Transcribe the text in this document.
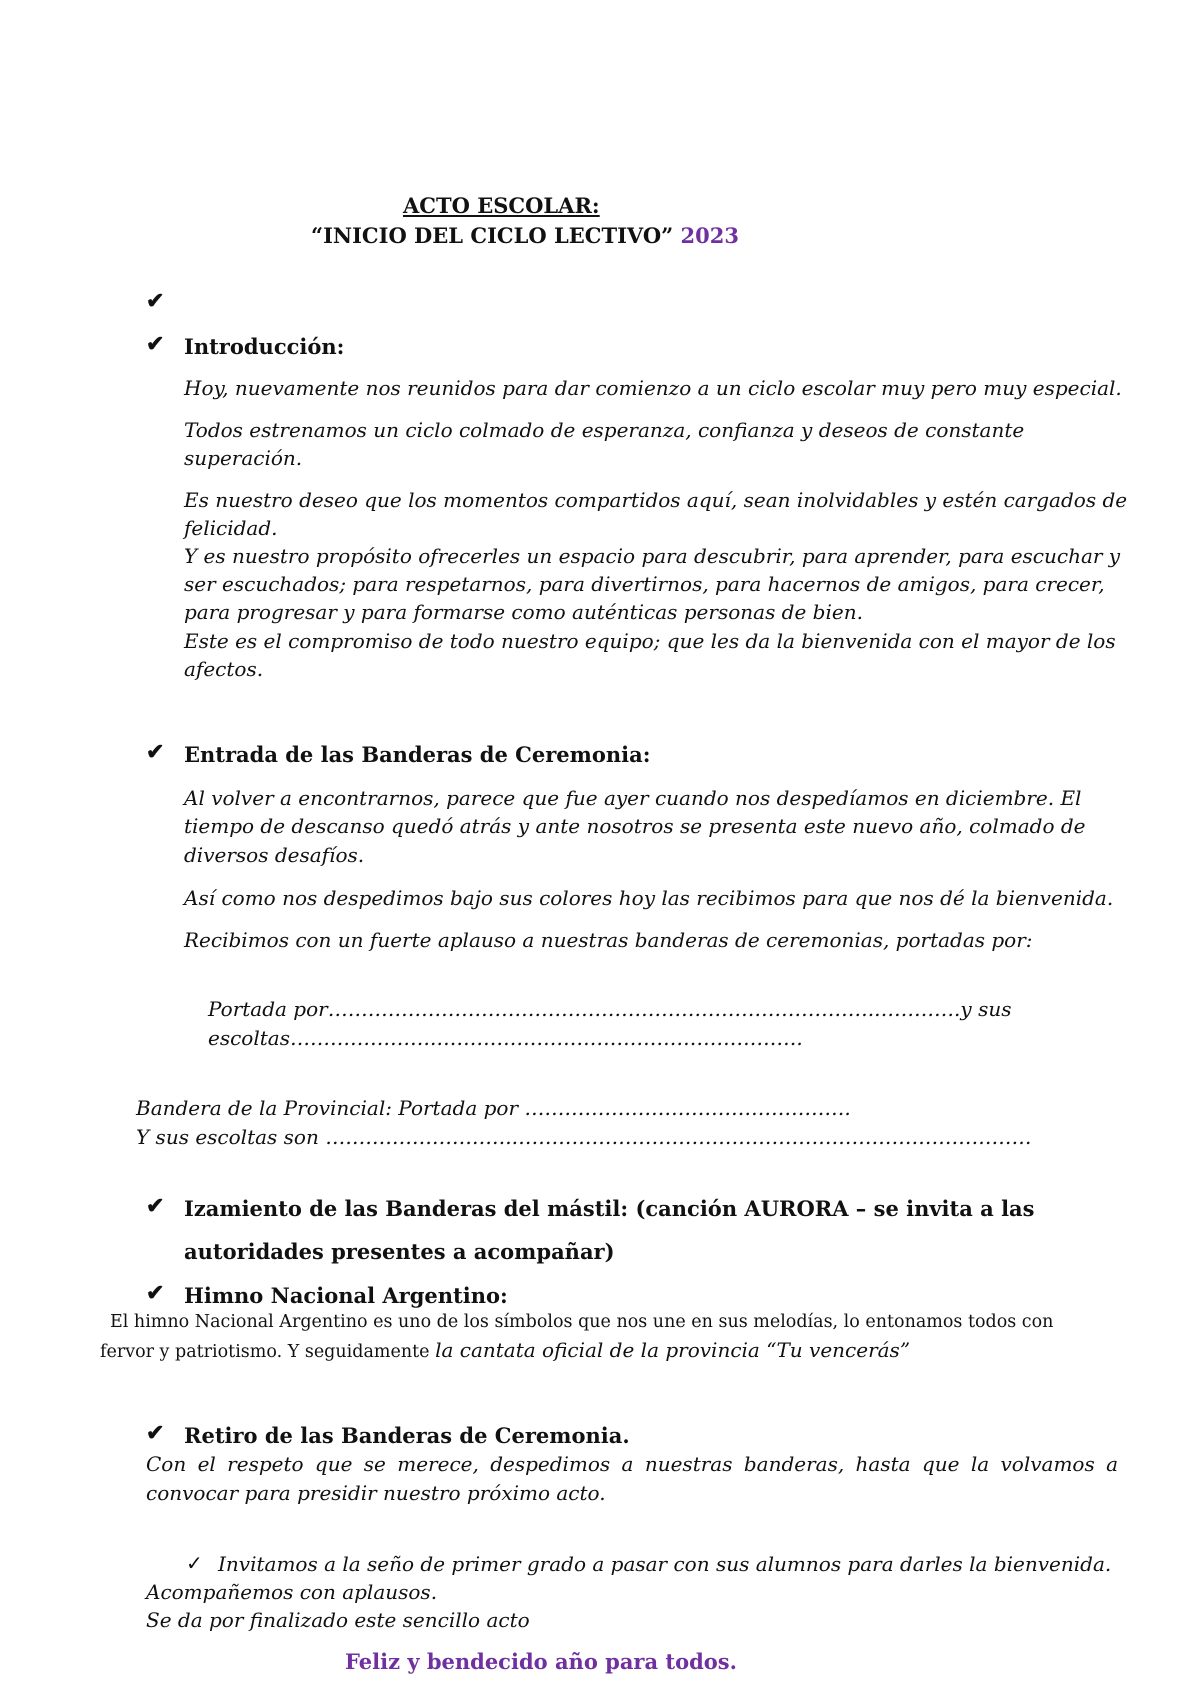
ACTO ESCOLAR:
“INICIO DEL CICLO LECTIVO” 2023
✔
✔ Introducción:
Hoy, nuevamente nos reunidos para dar comienzo a un ciclo escolar muy pero muy especial.
Todos estrenamos un ciclo colmado de esperanza, confianza y deseos de constante
superación.
Es nuestro deseo que los momentos compartidos aquí, sean inolvidables y estén cargados de
felicidad.
Y es nuestro propósito ofrecerles un espacio para descubrir, para aprender, para escuchar y
ser escuchados; para respetarnos, para divertirnos, para hacernos de amigos, para crecer,
para progresar y para formarse como auténticas personas de bien.
Este es el compromiso de todo nuestro equipo; que les da la bienvenida con el mayor de los
afectos.
✔ Entrada de las Banderas de Ceremonia:
Al volver a encontrarnos, parece que fue ayer cuando nos despedíamos en diciembre. El
tiempo de descanso quedó atrás y ante nosotros se presenta este nuevo año, colmado de
diversos desafíos.
Así como nos despedimos bajo sus colores hoy las recibimos para que nos dé la bienvenida.
Recibimos con un fuerte aplauso a nuestras banderas de ceremonias, portadas por:
Portada por……………………………………………………………………….………….y sus
escoltas………………….……………………………………………….
Bandera de la Provincial: Portada por ………………………………………….
Y sus escoltas son ……………………….……………………………………………………………………
✔ Izamiento de las Banderas del mástil: (canción AURORA – se invita a las
autoridades presentes a acompañar)
✔ Himno Nacional Argentino:
El himno Nacional Argentino es uno de los símbolos que nos une en sus melodías, lo entonamos todos con
fervor y patriotismo. Y seguidamente la cantata oficial de la provincia “Tu vencerás”
✔ Retiro de las Banderas de Ceremonia.
Con el respeto que se merece, despedimos a nuestras banderas, hasta que la volvamos a
convocar para presidir nuestro próximo acto.
✓ Invitamos a la seño de primer grado a pasar con sus alumnos para darles la bienvenida.
Acompañemos con aplausos.
Se da por finalizado este sencillo acto
Feliz y bendecido año para todos.
